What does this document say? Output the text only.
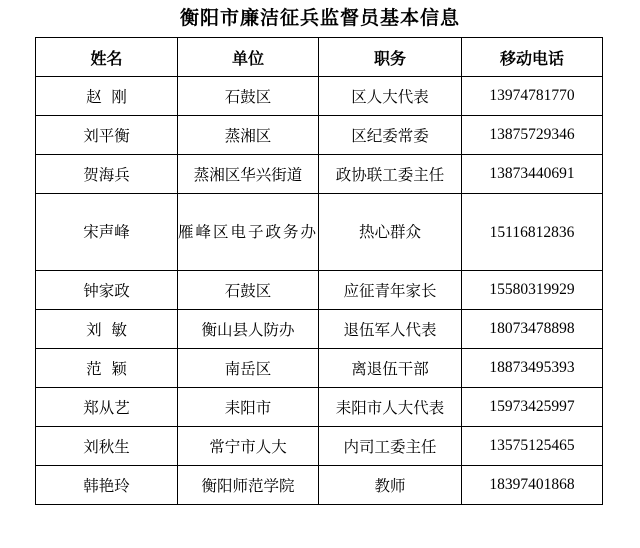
衡阳市廉洁征兵监督员基本信息
姓名	单位	职务	移动电话
赵  刚	石鼓区	区人大代表	13974781770
刘平衡	蒸湘区	区纪委常委	13875729346
贺海兵	蒸湘区华兴街道	政协联工委主任	13873440691
宋声峰	雁峰区电子政务办	热心群众	15116812836
钟家政	石鼓区	应征青年家长	15580319929
刘  敏	衡山县人防办	退伍军人代表	18073478898
范  颖	南岳区	离退伍干部	18873495393
郑从艺	耒阳市	耒阳市人大代表	15973425997
刘秋生	常宁市人大	内司工委主任	13575125465
韩艳玲	衡阳师范学院	教师	18397401868
